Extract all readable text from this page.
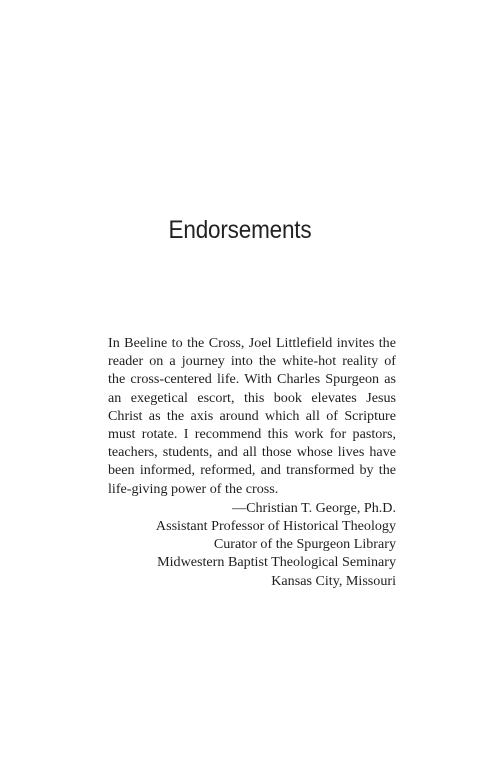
Endorsements

In Beeline to the Cross, Joel Littlefield invites the reader on a journey into the white-hot reality of the cross-centered life. With Charles Spurgeon as an exegetical escort, this book elevates Jesus Christ as the axis around which all of Scripture must rotate. I recommend this work for pastors, teachers, students, and all those whose lives have been informed, reformed, and transformed by the life-giving power of the cross.

—Christian T. George, Ph.D.
Assistant Professor of Historical Theology
Curator of the Spurgeon Library
Midwestern Baptist Theological Seminary
Kansas City, Missouri
